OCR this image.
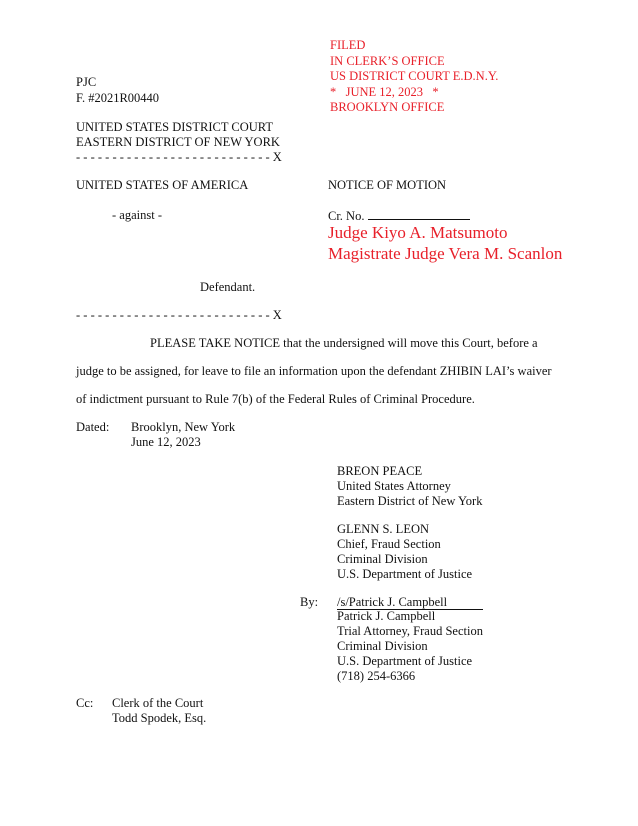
FILED
IN CLERK’S OFFICE
US DISTRICT COURT E.D.N.Y.
*   JUNE 12, 2023   *
BROOKLYN OFFICE
PJC
F. #2021R00440
UNITED STATES DISTRICT COURT
EASTERN DISTRICT OF NEW YORK
- - - - - - - - - - - - - - - - - - - - - - - - - - - X
UNITED STATES OF AMERICA	NOTICE OF MOTION
- against -	Cr. No.
Judge Kiyo A. Matsumoto
Magistrate Judge Vera M. Scanlon
Defendant.
- - - - - - - - - - - - - - - - - - - - - - - - - - - X
PLEASE TAKE NOTICE that the undersigned will move this Court, before a
judge to be assigned, for leave to file an information upon the defendant ZHIBIN LAI’s waiver
of indictment pursuant to Rule 7(b) of the Federal Rules of Criminal Procedure.
Dated: Brooklyn, New York
June 12, 2023
BREON PEACE
United States Attorney
Eastern District of New York
GLENN S. LEON
Chief, Fraud Section
Criminal Division
U.S. Department of Justice
By: /s/Patrick J. Campbell
Patrick J. Campbell
Trial Attorney, Fraud Section
Criminal Division
U.S. Department of Justice
(718) 254-6366
Cc: Clerk of the Court
Todd Spodek, Esq.
